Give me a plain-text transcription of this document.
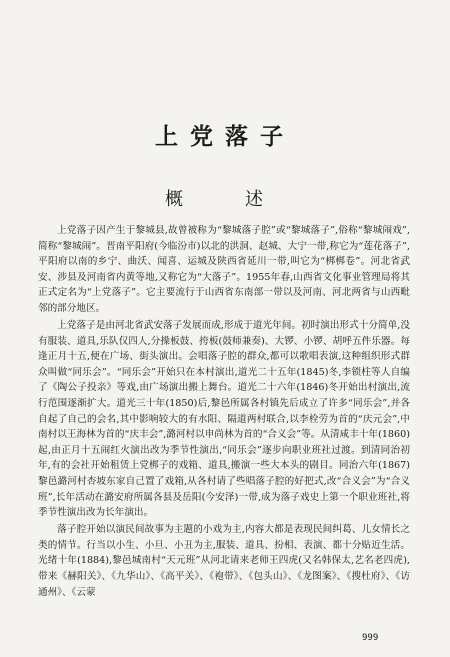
上党落子
概　述

上党落子因产生于黎城县,故曾被称为“黎城落子腔”或“黎城落子”,俗称“黎城闹戏”,简称“黎城闹”。晋南平阳府(今临汾市)以北的洪洞、赵城、大宁一带,称它为“莲花落子”,平阳府以南的乡宁、曲沃、闻喜、运城及陕西省延川一带,叫它为“梆梆卷”。河北省武安、涉县及河南省内黄等地,又称它为“大落子”。1955年春,山西省文化事业管理局将其正式定名为“上党落子”。它主要流行于山西省东南部一带以及河南、河北两省与山西毗邻的部分地区。

上党落子是由河北省武安落子发展而成,形成于道光年间。初时演出形式十分简单,没有服装、道具,乐队仅四人,分操板鼓、挎板(鼓师兼奏)、大锣、小锣、胡呼五件乐器。每逢正月十五,便在广场、街头演出。会唱落子腔的群众,都可以歌唱表演,这种组织形式群众叫做“同乐会”。“同乐会”开始只在本村演出,道光二十五年(1845)冬,李锁柱等人自编了《陶公子投亲》等戏,由广场演出搬上舞台。道光二十六年(1846)冬开始出村演出,流行范围逐渐扩大。道光三十年(1850)后,黎邑所属各村镇先后成立了许多“同乐会”,并各自起了自己的会名,其中影响较大的有水阳、隔道两村联合,以李栓劳为首的“庆元会”,中南村以王海林为首的“庆丰会”,潞河村以申尚林为首的“合义会”等。从清咸丰十年(1860)起,由正月十五闹红火演出改为季节性演出,“同乐会”逐步向职业班社过渡。到清同治初年,有的会社开始租赁上党梆子的戏箱、道具,搬演一些大本头的剧目。同治六年(1867)黎邑潞河村杏坡东家自己置了戏箱,从各村请了些唱落子腔的好把式,改“合义会”为“合义班”,长年活动在潞安府所属各县及岳阳(今安泽)一带,成为落子戏史上第一个职业班社,将季节性演出改为长年演出。

落子腔开始以演民间故事为主题的小戏为主,内容大都是表现民间纠葛、儿女情长之类的情节。行当以小生、小旦、小丑为主,服装、道具、扮相、表演、都十分贴近生活。光绪十年(1884),黎邑城南村“天元班”从河北请来老师王四虎(又名韩保太,艺名老四虎),带来《赫阳关》、《九华山》、《高平关》、《袍带》、《包头山》、《龙图案》、《搜杜府》、《访通州》、《云蒙

999
